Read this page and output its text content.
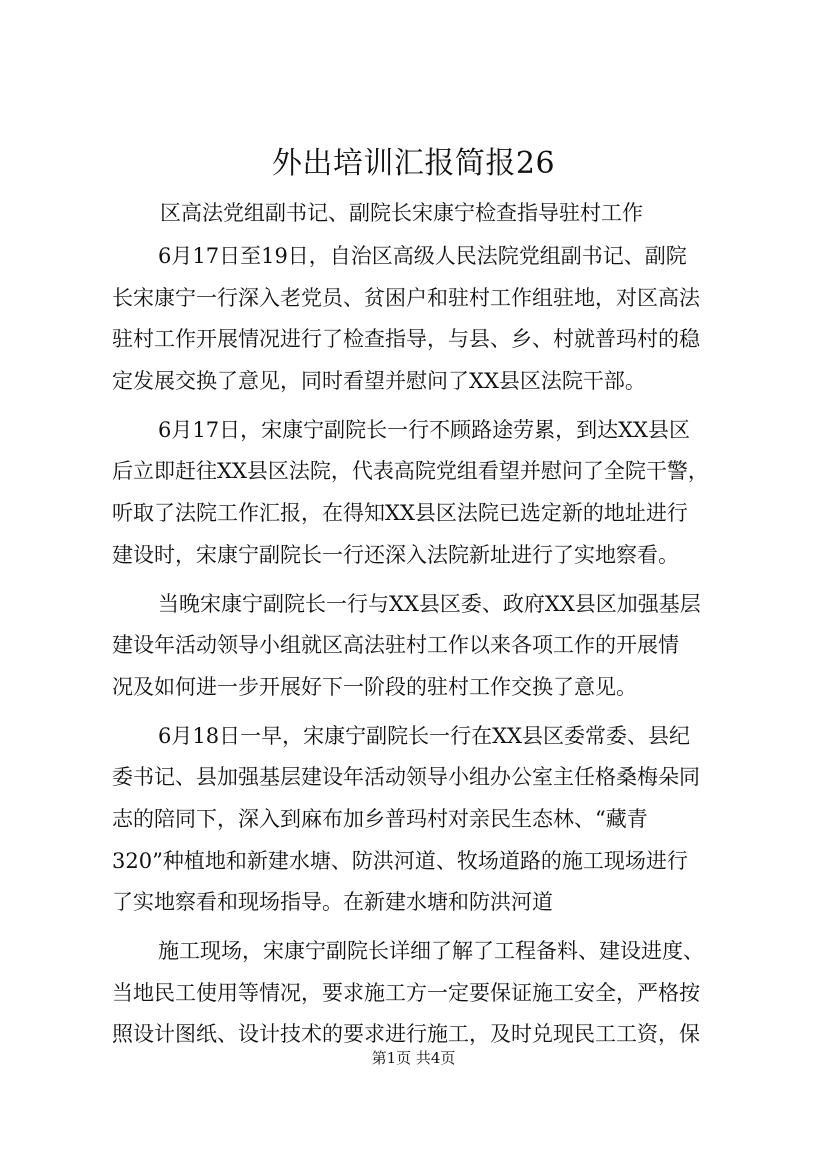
外出培训汇报简报26
区高法党组副书记、副院长宋康宁检查指导驻村工作

6月17日至19日，自治区高级人民法院党组副书记、副院
长宋康宁一行深入老党员、贫困户和驻村工作组驻地，对区高法
驻村工作开展情况进行了检查指导，与县、乡、村就普玛村的稳
定发展交换了意见，同时看望并慰问了XX县区法院干部。

6月17日，宋康宁副院长一行不顾路途劳累，到达XX县区
后立即赶往XX县区法院，代表高院党组看望并慰问了全院干警，
听取了法院工作汇报，在得知XX县区法院已选定新的地址进行
建设时，宋康宁副院长一行还深入法院新址进行了实地察看。

当晚宋康宁副院长一行与XX县区委、政府XX县区加强基层
建设年活动领导小组就区高法驻村工作以来各项工作的开展情
况及如何进一步开展好下一阶段的驻村工作交换了意见。

6月18日一早，宋康宁副院长一行在XX县区委常委、县纪
委书记、县加强基层建设年活动领导小组办公室主任格桑梅朵同
志的陪同下，深入到麻布加乡普玛村对亲民生态林、“藏青
320”种植地和新建水塘、防洪河道、牧场道路的施工现场进行
了实地察看和现场指导。在新建水塘和防洪河道

施工现场，宋康宁副院长详细了解了工程备料、建设进度、
当地民工使用等情况，要求施工方一定要保证施工安全，严格按
照设计图纸、设计技术的要求进行施工，及时兑现民工工资，保

第1页 共4页
